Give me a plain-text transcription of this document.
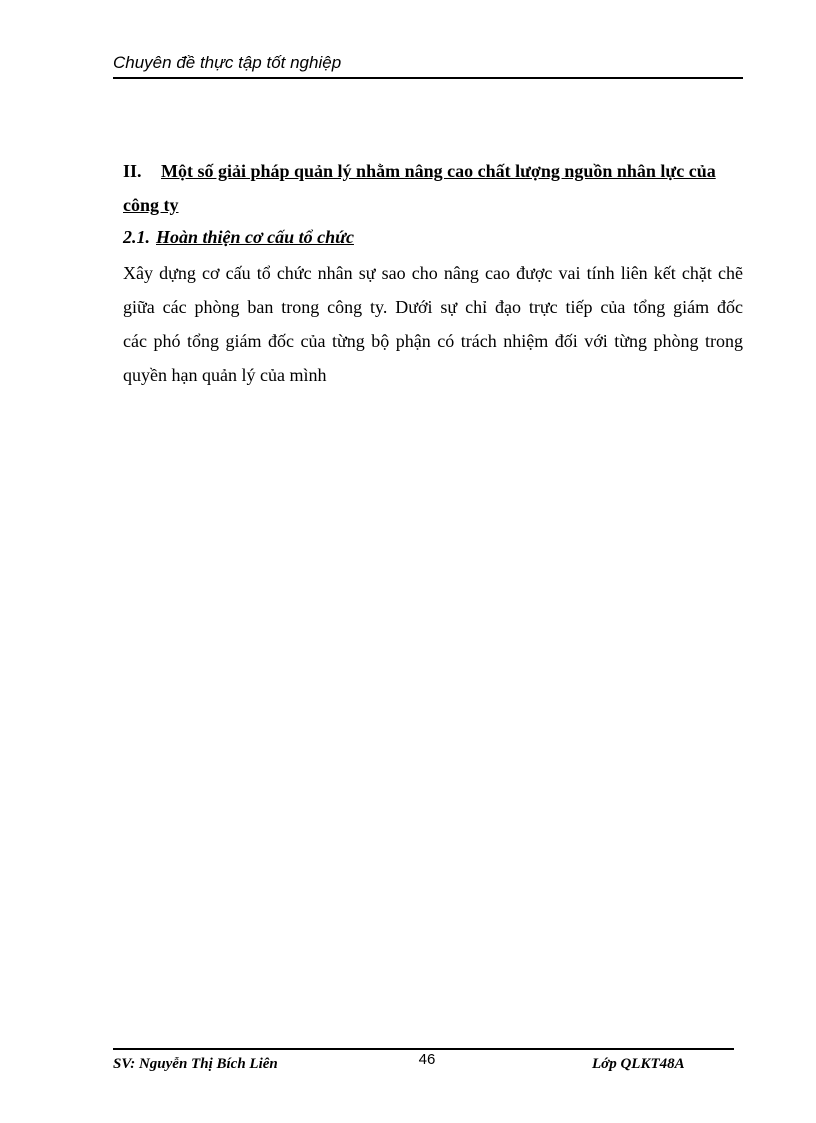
Chuyên đề thực tập tốt nghiệp
II. Một số giải pháp quản lý nhằm nâng cao chất lượng nguồn nhân lực của
công ty
2.1. Hoàn thiện cơ cấu tổ chức
Xây dựng cơ cấu tổ chức nhân sự sao cho nâng cao được vai tính liên kết chặt chẽ
giữa các phòng ban trong công ty. Dưới sự chỉ đạo trực tiếp của tổng giám đốc
các phó tổng giám đốc của từng bộ phận có trách nhiệm đối với từng phòng trong
quyền hạn quản lý của mình
SV: Nguyễn Thị Bích Liên	46	Lớp QLKT48A
